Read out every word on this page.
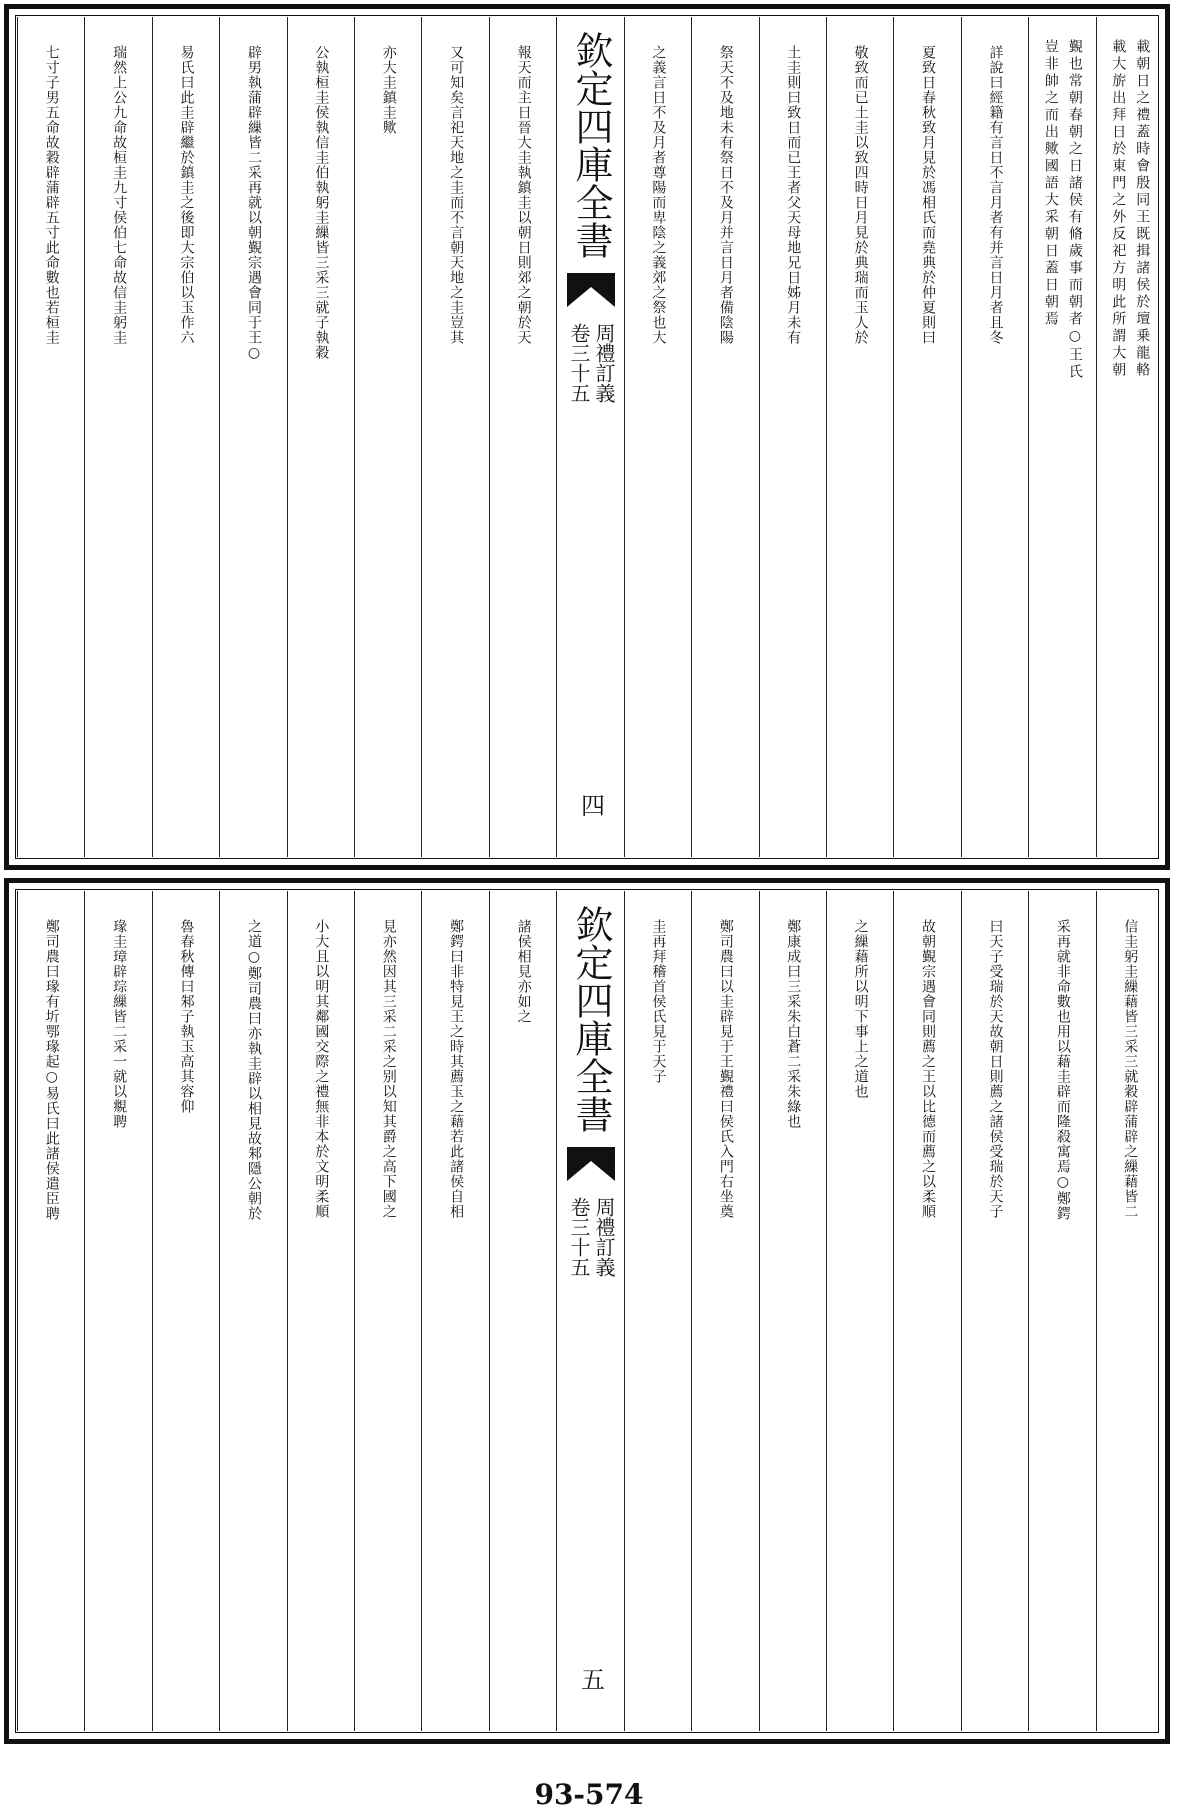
載朝日之禮蓋時會殷同王既揖諸侯於壇乗龍輅
載大旂出拜日於東門之外反祀方明此所謂大朝
覲也常朝春朝之日諸侯有脩歲事而朝者○王氏
豈非帥之而出歟國語大采朝日蓋日朝焉
詳說曰經籍有言日不言月者有并言日月者且冬
夏致日春秋致月見於馮相氏而堯典於仲夏則曰
敬致而已土圭以致四時日月見於典瑞而玉人於
土圭則曰致日而已王者父天母地兄日姊月未有
祭天不及地未有祭日不及月并言日月者備陰陽
之義言日不及月者尊陽而卑陰之義郊之祭也大
欽定四庫全書
周禮訂義
卷三十五
四
報天而主日晉大圭執鎮圭以朝日則郊之朝於天
又可知矣言祀天地之圭而不言朝天地之圭豈其
亦大圭鎮圭歟
公執桓圭侯執信圭伯執躬圭繅皆三采三就子執穀
辟男執蒲辟繅皆二采再就以朝覲宗遇會同于王○
易氏曰此圭辟繼於鎮圭之後即大宗伯以玉作六
瑞然上公九命故桓圭九寸侯伯七命故信圭躬圭
七寸子男五命故穀辟蒲辟五寸此命數也若桓圭
信圭躬圭繅藉皆三采三就穀辟蒲辟之繅藉皆二
采再就非命數也用以藉圭辟而隆殺寓焉○鄭鍔
曰天子受瑞於天故朝日則薦之諸侯受瑞於天子
故朝覲宗遇會同則薦之王以比德而薦之以柔順
之繅藉所以明下事上之道也
鄭康成曰三采朱白蒼二采朱綠也
鄭司農曰以圭辟見于王覲禮曰侯氏入門右坐奠
圭再拜稽首侯氏見于天子
欽定四庫全書
周禮訂義
卷三十五
五
諸侯相見亦如之
鄭鍔曰非特見王之時其薦玉之藉若此諸侯自相
見亦然因其三采二采之别以知其爵之高下國之
小大且以明其鄰國交際之禮無非本於文明柔順
之道○鄭司農曰亦執圭辟以相見故邾隱公朝於
魯春秋傳曰邾子執玉高其容仰
瑑圭璋辟琮繅皆二采一就以覜聘
鄭司農曰瑑有圻鄂瑑起○易氏曰此諸侯遣臣聘
93-574
